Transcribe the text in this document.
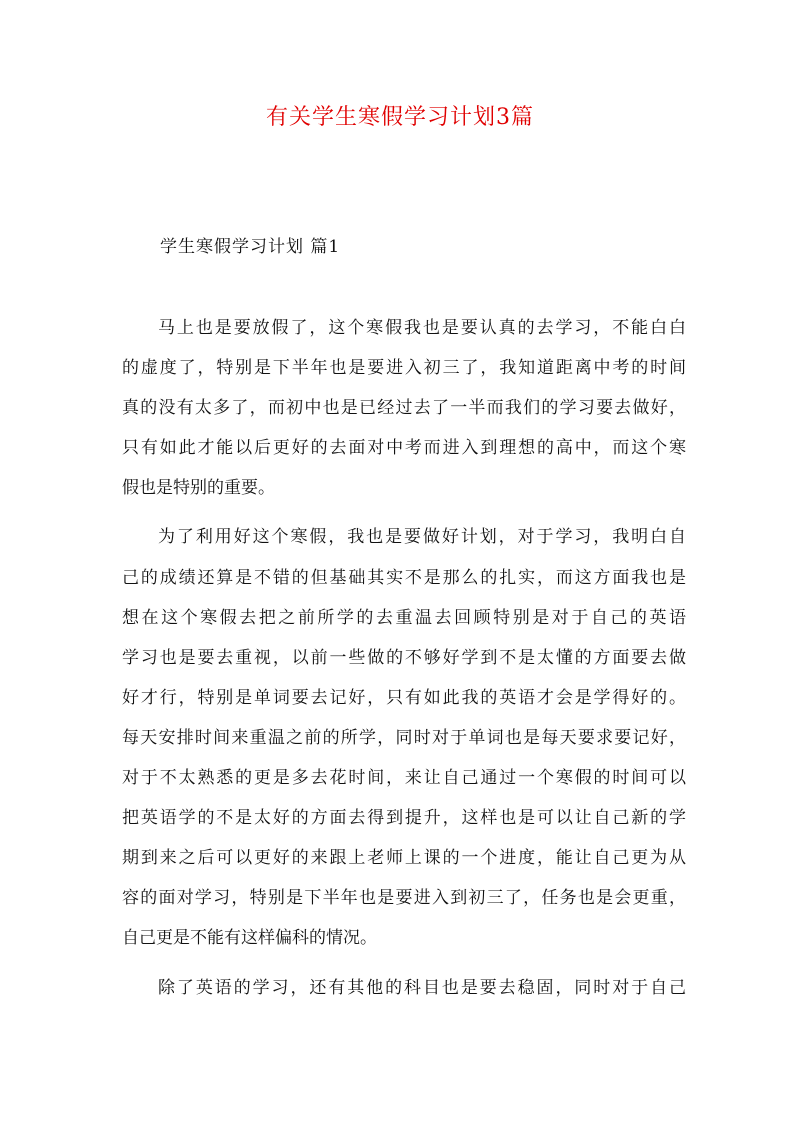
有关学生寒假学习计划3篇
学生寒假学习计划 篇1
马上也是要放假了，这个寒假我也是要认真的去学习，不能白白
的虚度了，特别是下半年也是要进入初三了，我知道距离中考的时间
真的没有太多了，而初中也是已经过去了一半而我们的学习要去做好，
只有如此才能以后更好的去面对中考而进入到理想的高中，而这个寒
假也是特别的重要。
为了利用好这个寒假，我也是要做好计划，对于学习，我明白自
己的成绩还算是不错的但基础其实不是那么的扎实，而这方面我也是
想在这个寒假去把之前所学的去重温去回顾特别是对于自己的英语
学习也是要去重视，以前一些做的不够好学到不是太懂的方面要去做
好才行，特别是单词要去记好，只有如此我的英语才会是学得好的。
每天安排时间来重温之前的所学，同时对于单词也是每天要求要记好，
对于不太熟悉的更是多去花时间，来让自己通过一个寒假的时间可以
把英语学的不是太好的方面去得到提升，这样也是可以让自己新的学
期到来之后可以更好的来跟上老师上课的一个进度，能让自己更为从
容的面对学习，特别是下半年也是要进入到初三了，任务也是会更重，
自己更是不能有这样偏科的情况。
除了英语的学习，还有其他的科目也是要去稳固，同时对于自己
